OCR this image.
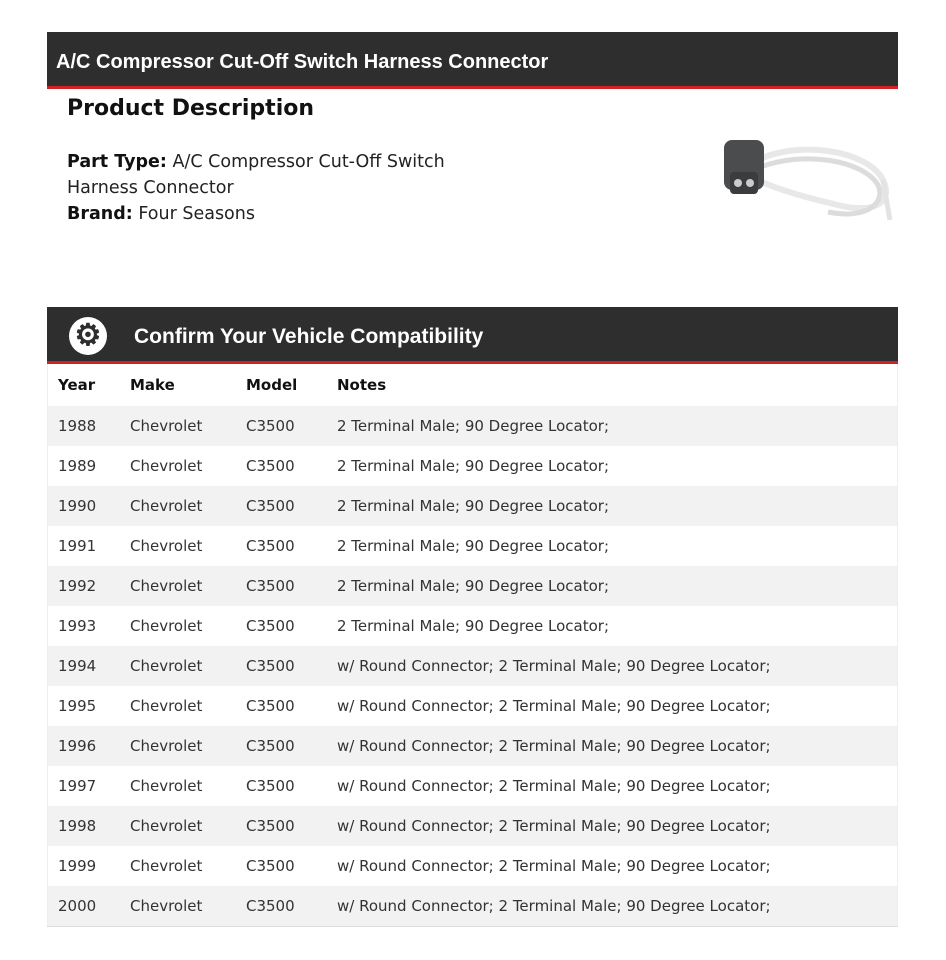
A/C Compressor Cut-Off Switch Harness Connector
Product Description
Part Type: A/C Compressor Cut-Off Switch Harness Connector
Brand: Four Seasons
⚙ Confirm Your Vehicle Compatibility
Year	Make	Model	Notes
1988	Chevrolet	C3500	2 Terminal Male; 90 Degree Locator;
1989	Chevrolet	C3500	2 Terminal Male; 90 Degree Locator;
1990	Chevrolet	C3500	2 Terminal Male; 90 Degree Locator;
1991	Chevrolet	C3500	2 Terminal Male; 90 Degree Locator;
1992	Chevrolet	C3500	2 Terminal Male; 90 Degree Locator;
1993	Chevrolet	C3500	2 Terminal Male; 90 Degree Locator;
1994	Chevrolet	C3500	w/ Round Connector; 2 Terminal Male; 90 Degree Locator;
1995	Chevrolet	C3500	w/ Round Connector; 2 Terminal Male; 90 Degree Locator;
1996	Chevrolet	C3500	w/ Round Connector; 2 Terminal Male; 90 Degree Locator;
1997	Chevrolet	C3500	w/ Round Connector; 2 Terminal Male; 90 Degree Locator;
1998	Chevrolet	C3500	w/ Round Connector; 2 Terminal Male; 90 Degree Locator;
1999	Chevrolet	C3500	w/ Round Connector; 2 Terminal Male; 90 Degree Locator;
2000	Chevrolet	C3500	w/ Round Connector; 2 Terminal Male; 90 Degree Locator;
